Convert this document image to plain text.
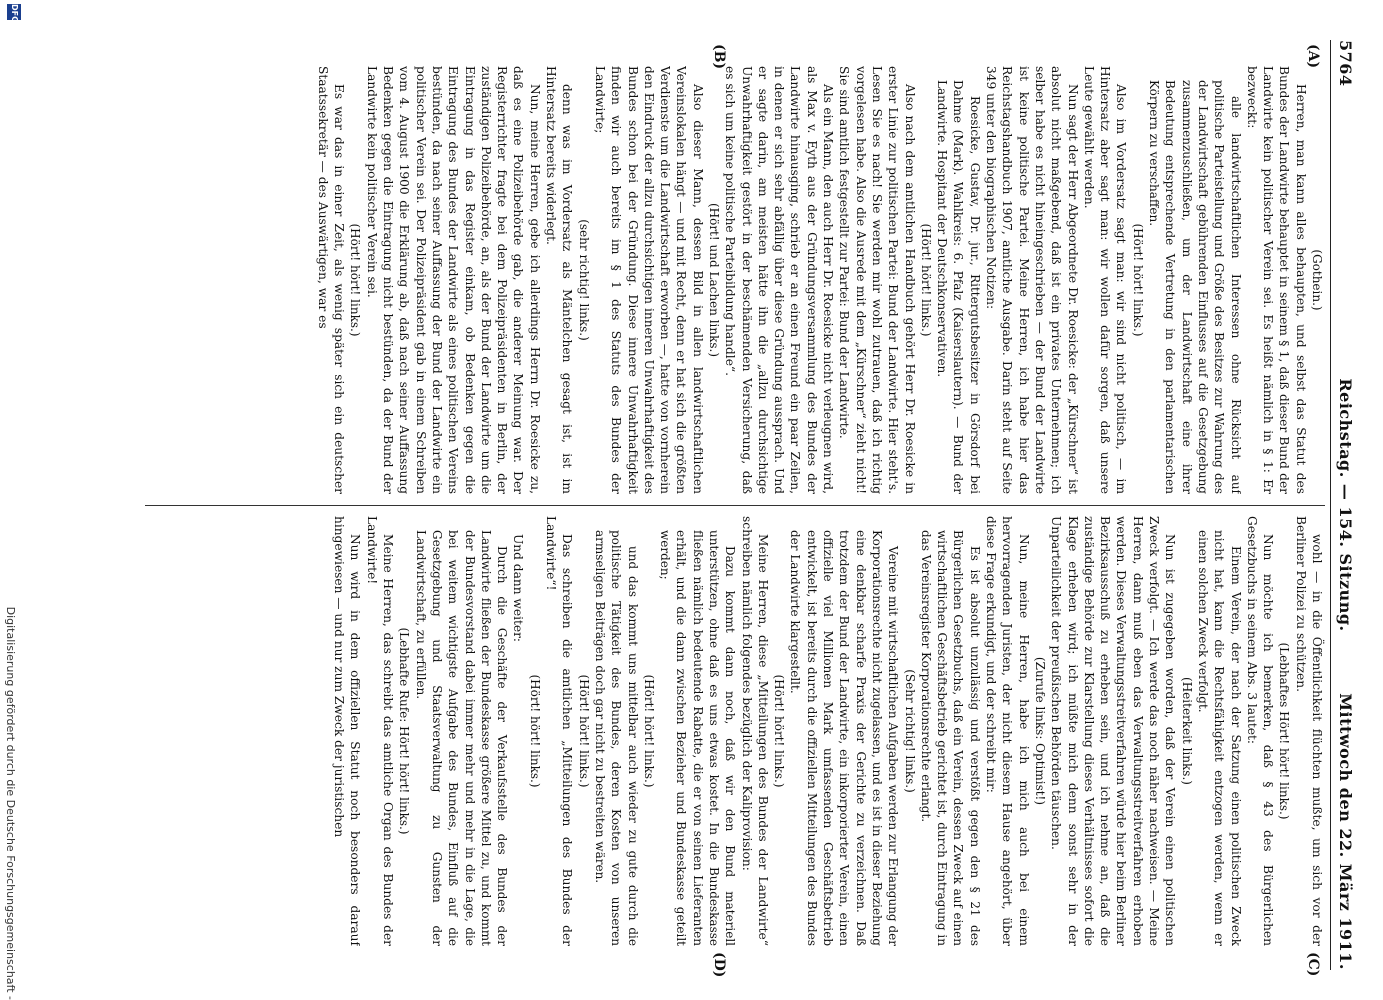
5764
Reichstag. — 154. Sitzung.
Mittwoch den 22. März 1911.
(A)
(B)
(C)
(D)

(Gothein.)

Herren, man kann alles behaupten, und selbst das Statut des Bundes der Landwirte behauptet in seinem § 1, daß dieser Bund der Landwirte kein politischer Verein sei. Es heißt nämlich in § 1: Er bezweckt:

alle landwirtschaftlichen Interessen ohne Rücksicht auf politische Parteistellung und Größe des Besitzes zur Wahrung des der Landwirtschaft gebührenden Einflusses auf die Gesetzgebung zusammenzuschließen, um der Landwirtschaft eine ihrer Bedeutung entsprechende Vertretung in den parlamentarischen Körpern zu verschaffen.

(Hört! hört! links.)

Also im Vordersatz sagt man: wir sind nicht politisch, — im Hintersatz aber sagt man: wir wollen dafür sorgen, daß unsere Leute gewählt werden.

Nun sagt der Herr Abgeordnete Dr. Roesicke: der „Kürschner“ ist absolut nicht maßgebend, daß ist ein privates Unternehmen; ich selber habe es nicht hineingeschrieben — der Bund der Landwirte ist keine politische Partei. Meine Herren, ich habe hier das Reichstagshandbuch 1907, amtliche Ausgabe. Darin steht auf Seite 349 unter den biographischen Notizen:

Roesicke, Gustav, Dr. jur., Rittergutsbesitzer in Görsdorf bei Dahme (Mark). Wahlkreis: 6. Pfalz (Kaiserslautern). — Bund der Landwirte. Hospitant der Deutschkonservativen.

(Hört! hört! links.)

Also nach dem amtlichen Handbuch gehört Herr Dr. Roesicke in erster Linie zur politischen Partei: Bund der Landwirte. Hier steht's. Lesen Sie es nach! Sie werden mir wohl zutrauen, daß ich richtig vorgelesen habe. Also die Ausrede mit dem „Kürschner“ zieht nicht! Sie sind amtlich festgestellt zur Partei: Bund der Landwirte.

Als ein Mann, den auch Herr Dr. Roesicke nicht verleugnen wird, als Max v. Eyth aus der Gründungsversammlung des Bundes der Landwirte hinausging, schrieb er an einen Freund ein paar Zeilen, in denen er sich sehr abfällig über diese Gründung aussprach. Und er sagte darin, am meisten hätte ihn die „allzu durchsichtige Unwahrhaftigkeit gestört in der beschämenden Versicherung, daß es sich um keine politische Parteibildung handle“.

(Hört! und Lachen links.)

Also dieser Mann, dessen Bild in allen landwirtschaftlichen Vereinslokalen hängt — und mit Recht, denn er hat sich die größten Verdienste um die Landwirtschaft erworben —, hatte von vornherein den Eindruck der allzu durchsichtigen inneren Unwahrhaftigkeit des Bundes schon bei der Gründung. Diese innere Unwahrhaftigkeit finden wir auch bereits im § 1 des Statuts des Bundes der Landwirte;

(sehr richtig! links.)

denn was im Vordersatz als Mäntelchen gesagt ist, ist im Hintersatz bereits widerlegt.

Nun, meine Herren, gebe ich allerdings Herrn Dr. Roesicke zu, daß es eine Polizeibehörde gab, die anderer Meinung war. Der Registerrichter fragte bei dem Polizeipräsidenten in Berlin, der zuständigen Polizeibehörde, an, als der Bund der Landwirte um die Eintragung in das Register einkam, ob Bedenken gegen die Eintragung des Bundes der Landwirte als eines politischen Vereins bestünden, da nach seiner Auffassung der Bund der Landwirte ein politischer Verein sei. Der Polizeipräsident gab in einem Schreiben vom 4. August 1900 die Erklärung ab, daß nach seiner Auffassung Bedenken gegen die Eintragung nicht bestünden, da der Bund der Landwirte kein politischer Verein sei.

(Hört! hört! links.)

Es war das in einer Zeit, als wenig später sich ein deutscher Staatssekretär — des Auswärtigen, war es

wohl — in die Öffentlichkeit flüchten mußte, um sich vor der Berliner Polizei zu schützen.

(Lebhaftes Hört! hört! links.)

Nun möchte ich bemerken, daß § 43 des Bürgerlichen Gesetzbuchs in seinem Abs. 3 lautet:

Einem Verein, der nach der Satzung einen politischen Zweck nicht hat, kann die Rechtsfähigkeit entzogen werden, wenn er einen solchen Zweck verfolgt.

(Heiterkeit links.)

Nun ist zugegeben worden, daß der Verein einen politischen Zweck verfolgt. — Ich werde das noch näher nachweisen. — Meine Herren, dann muß eben das Verwaltungsstreitverfahren erhoben werden. Dieses Verwaltungsstreitverfahren würde hier beim Berliner Bezirksausschuß zu erheben sein, und ich nehme an, daß die zuständige Behörde zur Klarstellung dieses Verhältnisses sofort die Klage erheben wird; ich müßte mich denn sonst sehr in der Unparteilichkeit der preußischen Behörden täuschen.

(Zurufe links: Optimist!)

Nun, meine Herren, habe ich mich auch bei einem hervorragenden Juristen, der nicht diesem Hause angehört, über diese Frage erkundigt, und der schreibt mir:

Es ist absolut unzulässig und verstößt gegen den § 21 des Bürgerlichen Gesetzbuchs, daß ein Verein, dessen Zweck auf einen wirtschaftlichen Geschäftsbetrieb gerichtet ist, durch Eintragung in das Vereinsregister Korporationsrechte erlangt.

(Sehr richtig! links.)

Vereine mit wirtschaftlichen Aufgaben werden zur Erlangung der Korporationsrechte nicht zugelassen, und es ist in dieser Beziehung eine denkbar scharfe Praxis der Gerichte zu verzeichnen. Daß trotzdem der Bund der Landwirte, ein inkorporierter Verein, einen offizielle viel Millionen Mark umfassenden Geschäftsbetrieb entwickelt, ist bereits durch die offiziellen Mitteilungen des Bundes der Landwirte klargestellt.

(Hört! hört! links.)

Meine Herren, diese „Mitteilungen des Bundes der Landwirte“ schreiben nämlich folgendes bezüglich der Kaliprovision:

Dazu kommt dann noch, daß wir den Bund materiell unterstützen, ohne daß es uns etwas kostet. In die Bundeskasse fließen nämlich bedeutende Rabatte, die er von seinen Lieferanten erhält, und die dann zwischen Bezieher und Bundeskasse geteilt werden;

(Hört! hört! links.)

und das kommt uns mittelbar auch wieder zu gute durch die politische Tätigkeit des Bundes, deren Kosten von unseren armseligen Beiträgen doch gar nicht zu bestreiten wären.

(Hört! hört! links.)

Das schreiben die amtlichen „Mitteilungen des Bundes der Landwirte“!

(Hört! hört! links.)

Und dann weiter:

Durch die Geschäfte der Verkaufsstelle des Bundes der Landwirte fließen der Bundeskasse größere Mittel zu, und kommt der Bundesvorstand dabei immer mehr und mehr in die Lage, die bei weitem wichtigste Aufgabe des Bundes, Einfluß auf die Gesetzgebung und Staatsverwaltung zu Gunsten der Landwirtschaft, zu erfüllen.

(Lebhafte Rufe: Hört! hört! links.)

Meine Herren, das schreibt das amtliche Organ des Bundes der Landwirte!

Nun wird in dem offiziellen Statut noch besonders darauf hingewiesen — und nur zum Zweck der juristischen

Digitalisierung gefördert durch die Deutsche Forschungsgemeinschaft -
DFG
